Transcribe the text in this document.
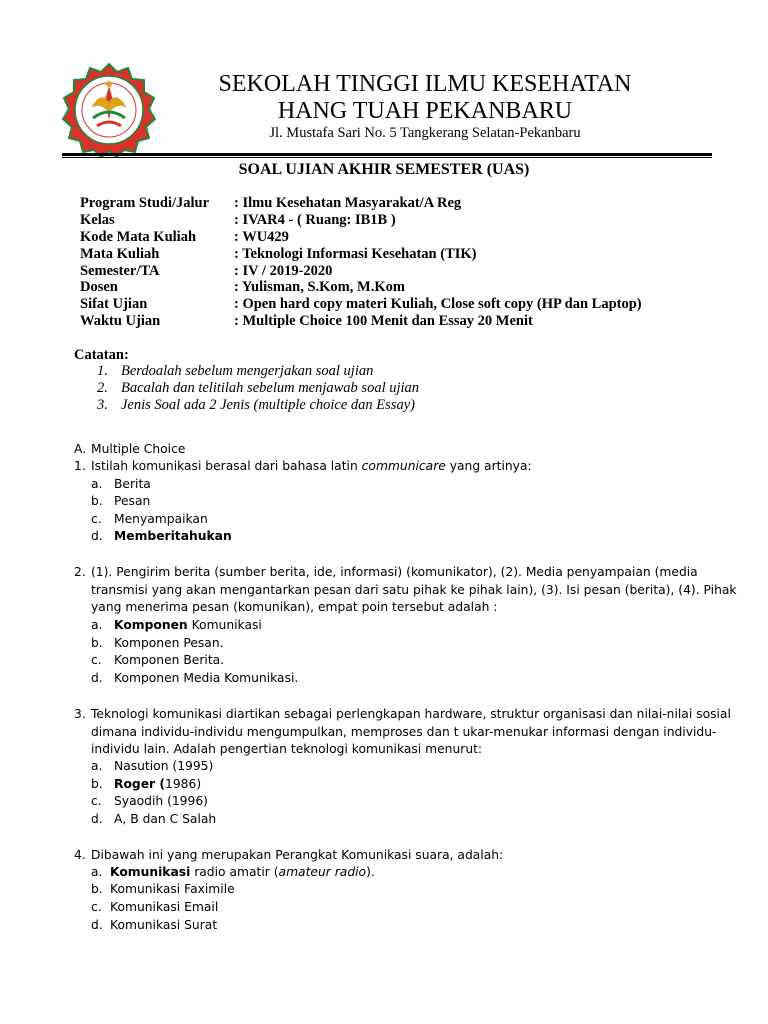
SEKOLAH TINGGI ILMU KESEHATAN
HANG TUAH PEKANBARU
Jl. Mustafa Sari No. 5 Tangkerang Selatan-Pekanbaru
SOAL UJIAN AKHIR SEMESTER (UAS)
Program Studi/Jalur	: Ilmu Kesehatan Masyarakat/A Reg
Kelas	: IVAR4 - ( Ruang: IB1B )
Kode Mata Kuliah	: WU429
Mata Kuliah	: Teknologi Informasi Kesehatan (TIK)
Semester/TA	: IV / 2019-2020
Dosen	: Yulisman, S.Kom, M.Kom
Sifat Ujian	: Open hard copy materi Kuliah, Close soft copy (HP dan Laptop)
Waktu Ujian	: Multiple Choice 100 Menit dan Essay 20 Menit
Catatan:
1. Berdoalah sebelum mengerjakan soal ujian
2. Bacalah dan telitilah sebelum menjawab soal ujian
3. Jenis Soal ada 2 Jenis (multiple choice dan Essay)
A. Multiple Choice
1. Istilah komunikasi berasal dari bahasa latin communicare yang artinya:
a. Berita
b. Pesan
c. Menyampaikan
d. Memberitahukan
2. (1). Pengirim berita (sumber berita, ide, informasi) (komunikator), (2). Media penyampaian (media
transmisi yang akan mengantarkan pesan dari satu pihak ke pihak lain), (3). Isi pesan (berita), (4). Pihak
yang menerima pesan (komunikan), empat poin tersebut adalah :
a. Komponen Komunikasi
b. Komponen Pesan.
c. Komponen Berita.
d. Komponen Media Komunikasi.
3. Teknologi komunikasi diartikan sebagai perlengkapan hardware, struktur organisasi dan nilai-nilai sosial
dimana individu-individu mengumpulkan, memproses dan t ukar-menukar informasi dengan individu-
individu lain. Adalah pengertian teknologi komunikasi menurut:
a. Nasution (1995)
b. Roger (1986)
c. Syaodih (1996)
d. A, B dan C Salah
4. Dibawah ini yang merupakan Perangkat Komunikasi suara, adalah:
a. Komunikasi radio amatir (amateur radio).
b. Komunikasi Faximile
c. Komunikasi Email
d. Komunikasi Surat
